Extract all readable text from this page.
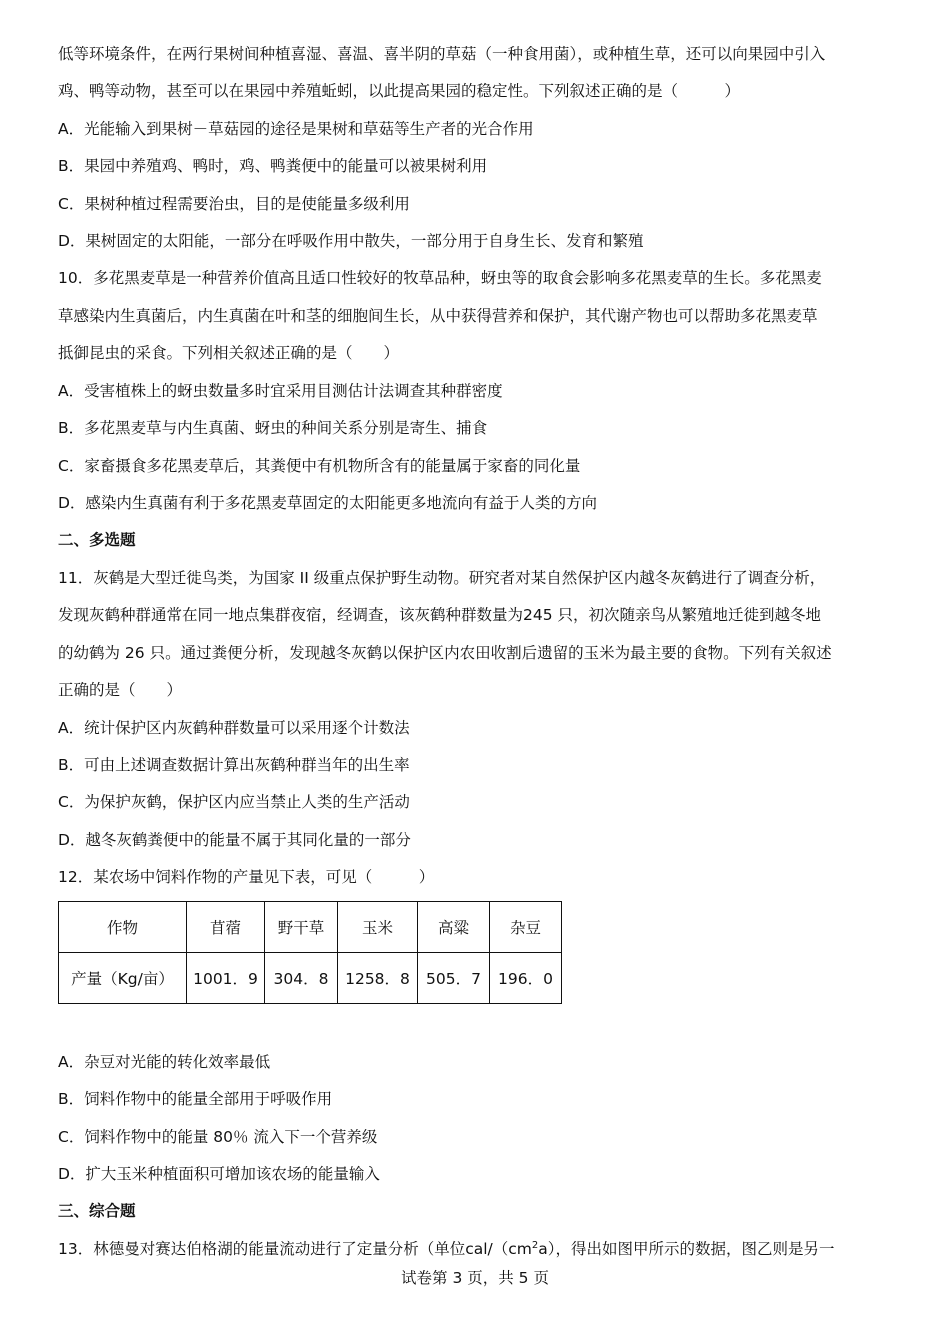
低等环境条件，在两行果树间种植喜湿、喜温、喜半阴的草菇（一种食用菌），或种植生草，还可以向果园中引入
鸡、鸭等动物，甚至可以在果园中养殖蚯蚓，以此提高果园的稳定性。下列叙述正确的是（　　　）
A．光能输入到果树－草菇园的途径是果树和草菇等生产者的光合作用
B．果园中养殖鸡、鸭时，鸡、鸭粪便中的能量可以被果树利用
C．果树种植过程需要治虫，目的是使能量多级利用
D．果树固定的太阳能，一部分在呼吸作用中散失，一部分用于自身生长、发育和繁殖
10．多花黑麦草是一种营养价值高且适口性较好的牧草品种，蚜虫等的取食会影响多花黑麦草的生长。多花黑麦
草感染内生真菌后，内生真菌在叶和茎的细胞间生长，从中获得营养和保护，其代谢产物也可以帮助多花黑麦草
抵御昆虫的采食。下列相关叙述正确的是（　　）
A．受害植株上的蚜虫数量多时宜采用目测估计法调查其种群密度
B．多花黑麦草与内生真菌、蚜虫的种间关系分别是寄生、捕食
C．家畜摄食多花黑麦草后，其粪便中有机物所含有的能量属于家畜的同化量
D．感染内生真菌有利于多花黑麦草固定的太阳能更多地流向有益于人类的方向
二、多选题
11．灰鹤是大型迁徙鸟类，为国家 II 级重点保护野生动物。研究者对某自然保护区内越冬灰鹤进行了调查分析，
发现灰鹤种群通常在同一地点集群夜宿，经调查，该灰鹤种群数量为245 只，初次随亲鸟从繁殖地迁徙到越冬地
的幼鹤为 26 只。通过粪便分析，发现越冬灰鹤以保护区内农田收割后遗留的玉米为最主要的食物。下列有关叙述
正确的是（　　）
A．统计保护区内灰鹤种群数量可以采用逐个计数法
B．可由上述调查数据计算出灰鹤种群当年的出生率
C．为保护灰鹤，保护区内应当禁止人类的生产活动
D．越冬灰鹤粪便中的能量不属于其同化量的一部分
12．某农场中饲料作物的产量见下表，可见（　　　）
作物	苜蓿	野干草	玉米	高粱	杂豆
产量（Kg/亩）	1001．9	304．8	1258．8	505．7	196．0
A．杂豆对光能的转化效率最低
B．饲料作物中的能量全部用于呼吸作用
C．饲料作物中的能量 80％ 流入下一个营养级
D．扩大玉米种植面积可增加该农场的能量输入
三、综合题
13．林德曼对赛达伯格湖的能量流动进行了定量分析（单位cal/$(cm^2a)$，得出如图甲所示的数据，图乙则是另一
试卷第 3 页，共 5 页
